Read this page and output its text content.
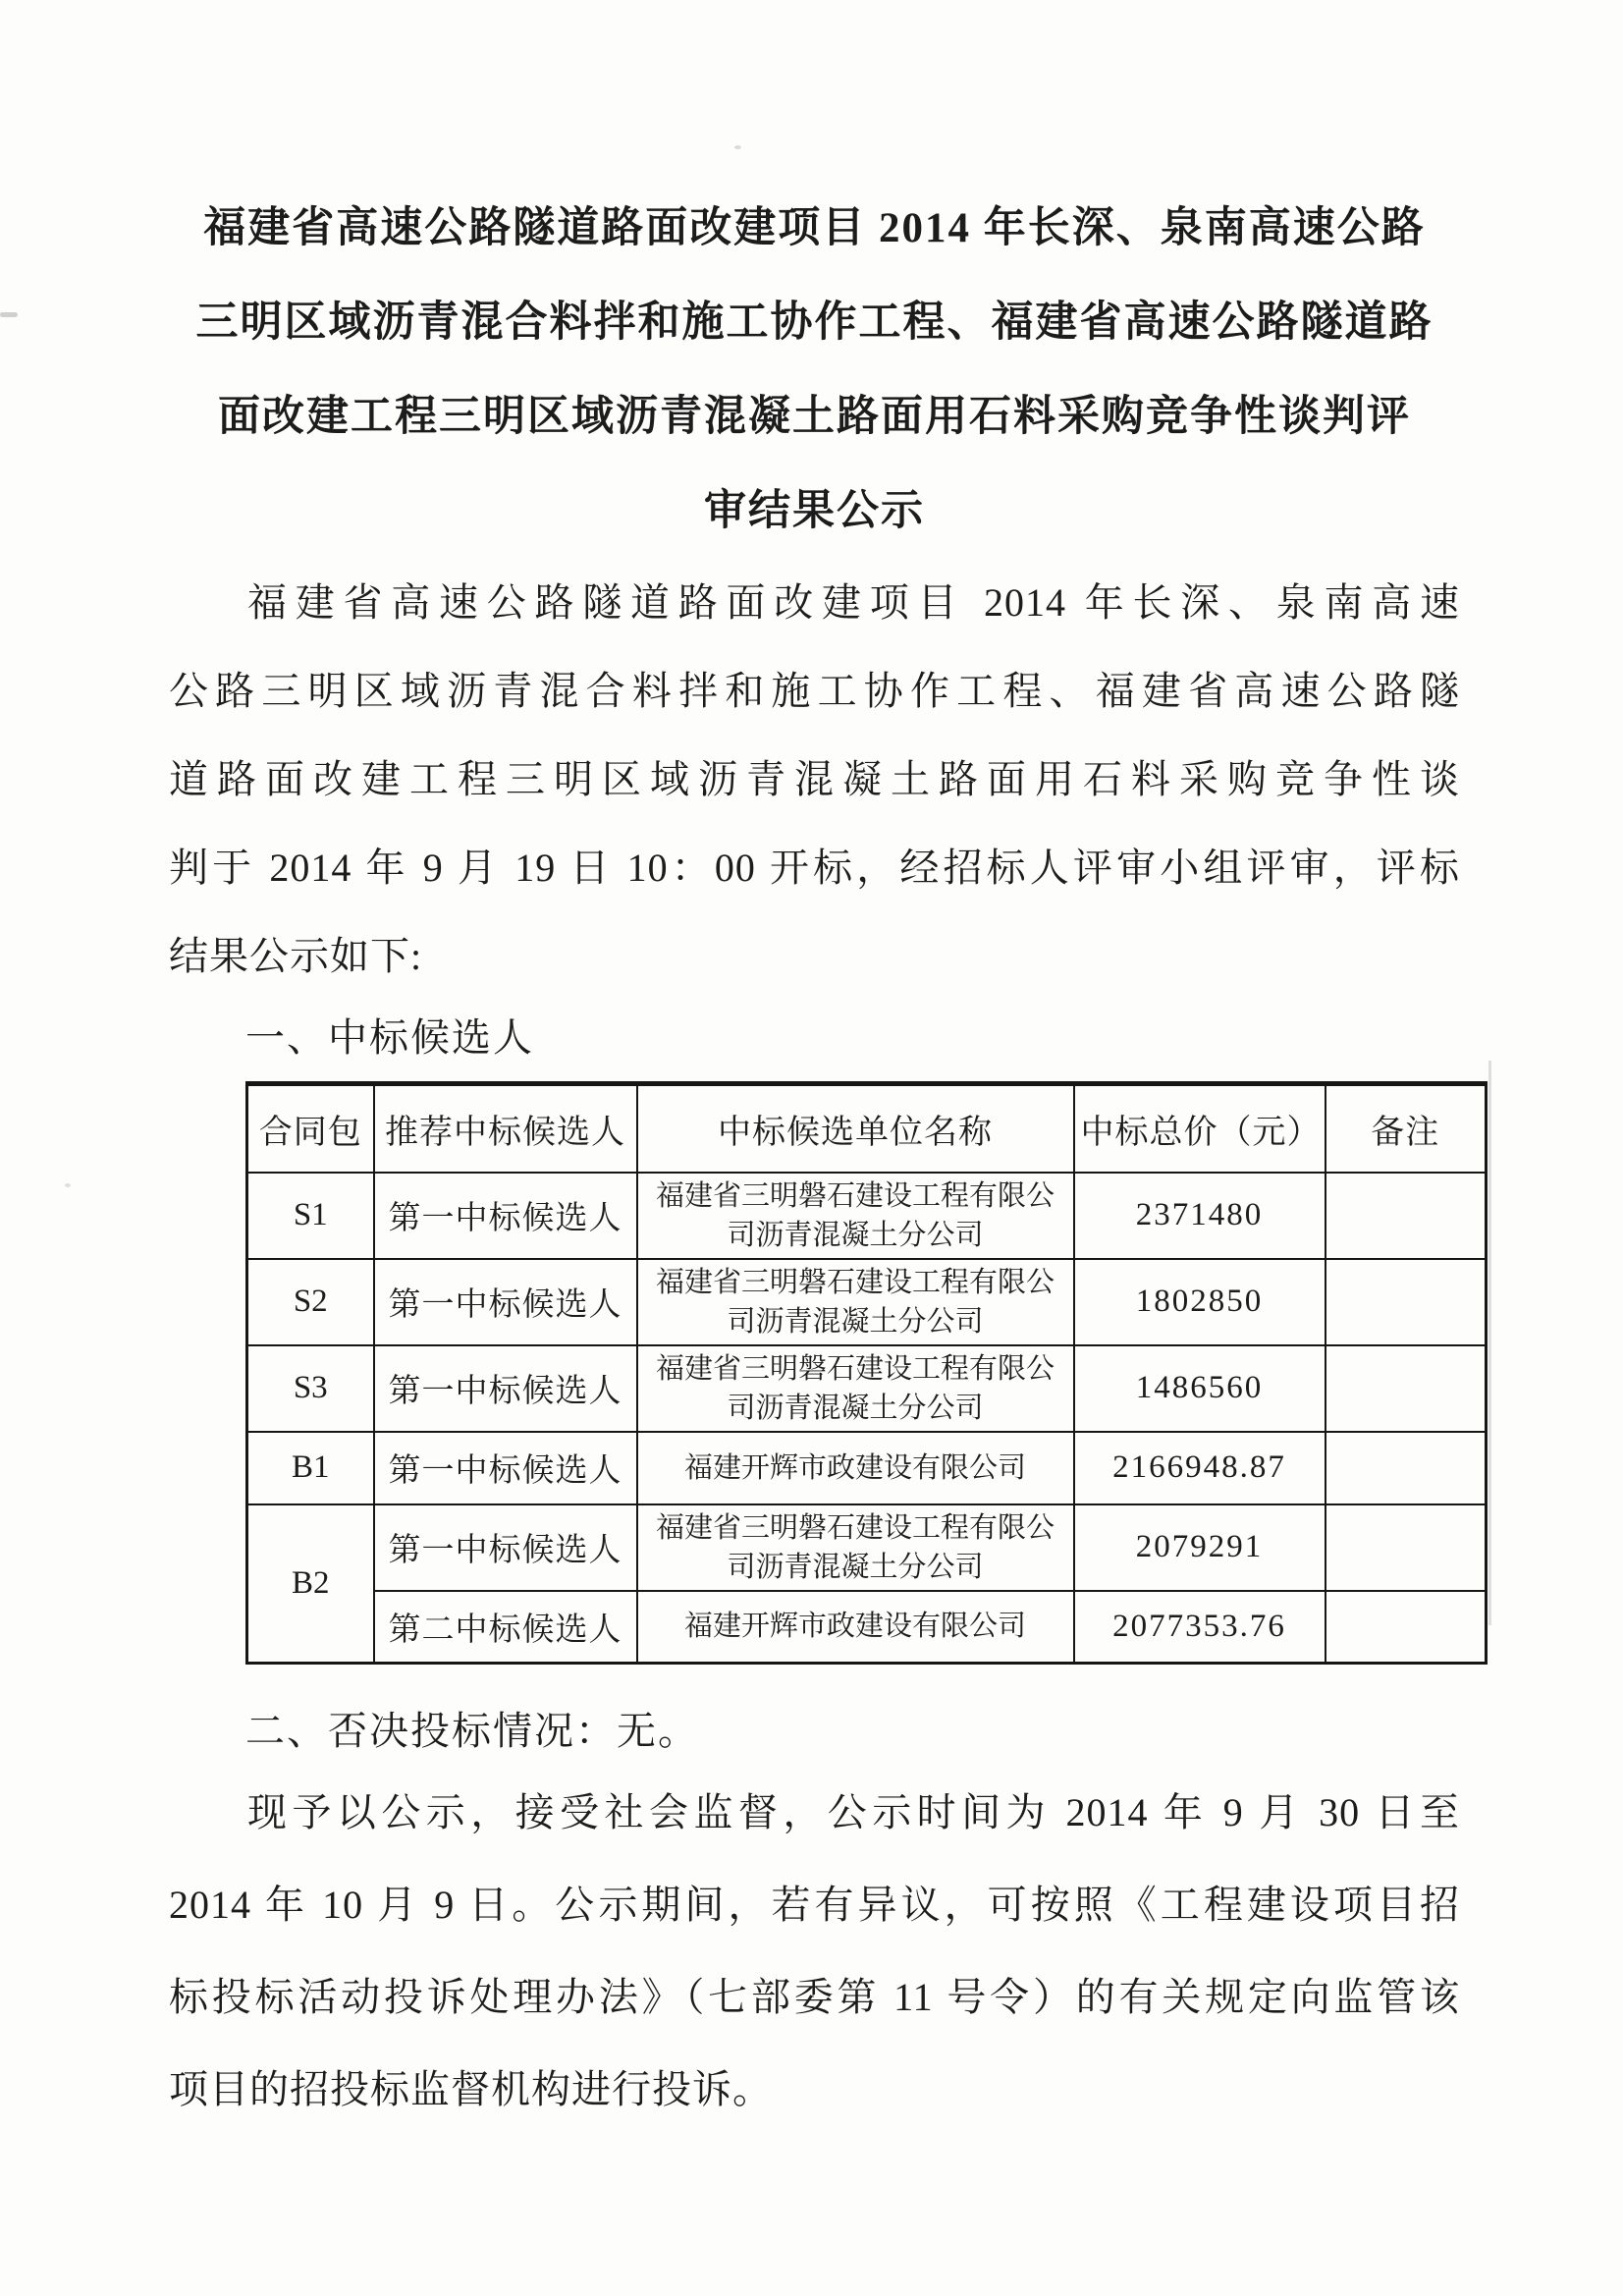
福建省高速公路隧道路面改建项目 2014 年长深、泉南高速公路
三明区域沥青混合料拌和施工协作工程、福建省高速公路隧道路
面改建工程三明区域沥青混凝土路面用石料采购竞争性谈判评
审结果公示
福建省高速公路隧道路面改建项目 2014 年长深、泉南高速
公路三明区域沥青混合料拌和施工协作工程、福建省高速公路隧
道路面改建工程三明区域沥青混凝土路面用石料采购竞争性谈
判于 2014 年 9 月 19 日 10：00 开标，经招标人评审小组评审，评标
结果公示如下:
一、中标候选人
合同包	推荐中标候选人	中标候选单位名称	中标总价（元）	备注
S1	第一中标候选人	福建省三明磐石建设工程有限公司沥青混凝土分公司	2371480	
S2	第一中标候选人	福建省三明磐石建设工程有限公司沥青混凝土分公司	1802850	
S3	第一中标候选人	福建省三明磐石建设工程有限公司沥青混凝土分公司	1486560	
B1	第一中标候选人	福建开辉市政建设有限公司	2166948.87	
B2	第一中标候选人	福建省三明磐石建设工程有限公司沥青混凝土分公司	2079291	
	第二中标候选人	福建开辉市政建设有限公司	2077353.76	
二、否决投标情况：无。
现予以公示，接受社会监督，公示时间为 2014 年 9 月 30 日至
2014 年 10 月 9 日。公示期间，若有异议，可按照《工程建设项目招
标投标活动投诉处理办法》（七部委第 11 号令）的有关规定向监管该
项目的招投标监督机构进行投诉。
